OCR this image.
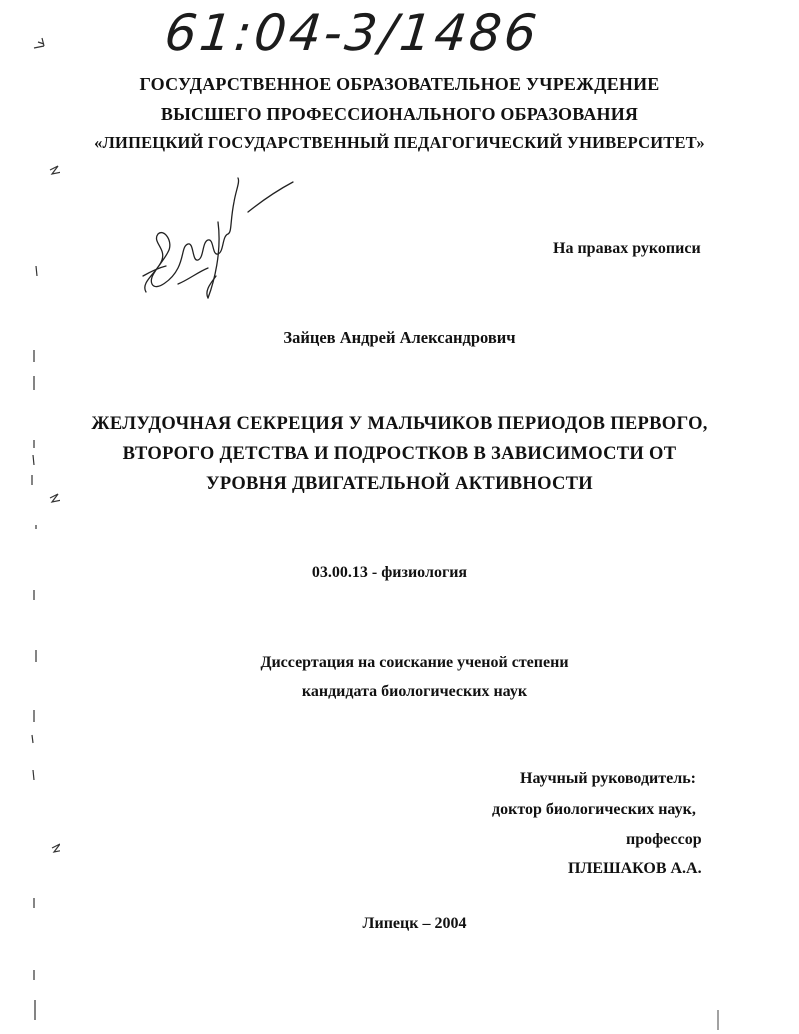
61:04-3/1486
ГОСУДАРСТВЕННОЕ ОБРАЗОВАТЕЛЬНОЕ УЧРЕЖДЕНИЕ
ВЫСШЕГО ПРОФЕССИОНАЛЬНОГО ОБРАЗОВАНИЯ
«ЛИПЕЦКИЙ ГОСУДАРСТВЕННЫЙ ПЕДАГОГИЧЕСКИЙ УНИВЕРСИТЕТ»
На правах рукописи
Зайцев Андрей Александрович
ЖЕЛУДОЧНАЯ СЕКРЕЦИЯ У МАЛЬЧИКОВ ПЕРИОДОВ ПЕРВОГО,
ВТОРОГО ДЕТСТВА И ПОДРОСТКОВ В ЗАВИСИМОСТИ ОТ
УРОВНЯ ДВИГАТЕЛЬНОЙ АКТИВНОСТИ
03.00.13 - физиология
Диссертация на соискание ученой степени
кандидата биологических наук
Научный руководитель:
доктор биологических наук,
профессор
ПЛЕШАКОВ А.А.
Липецк – 2004
